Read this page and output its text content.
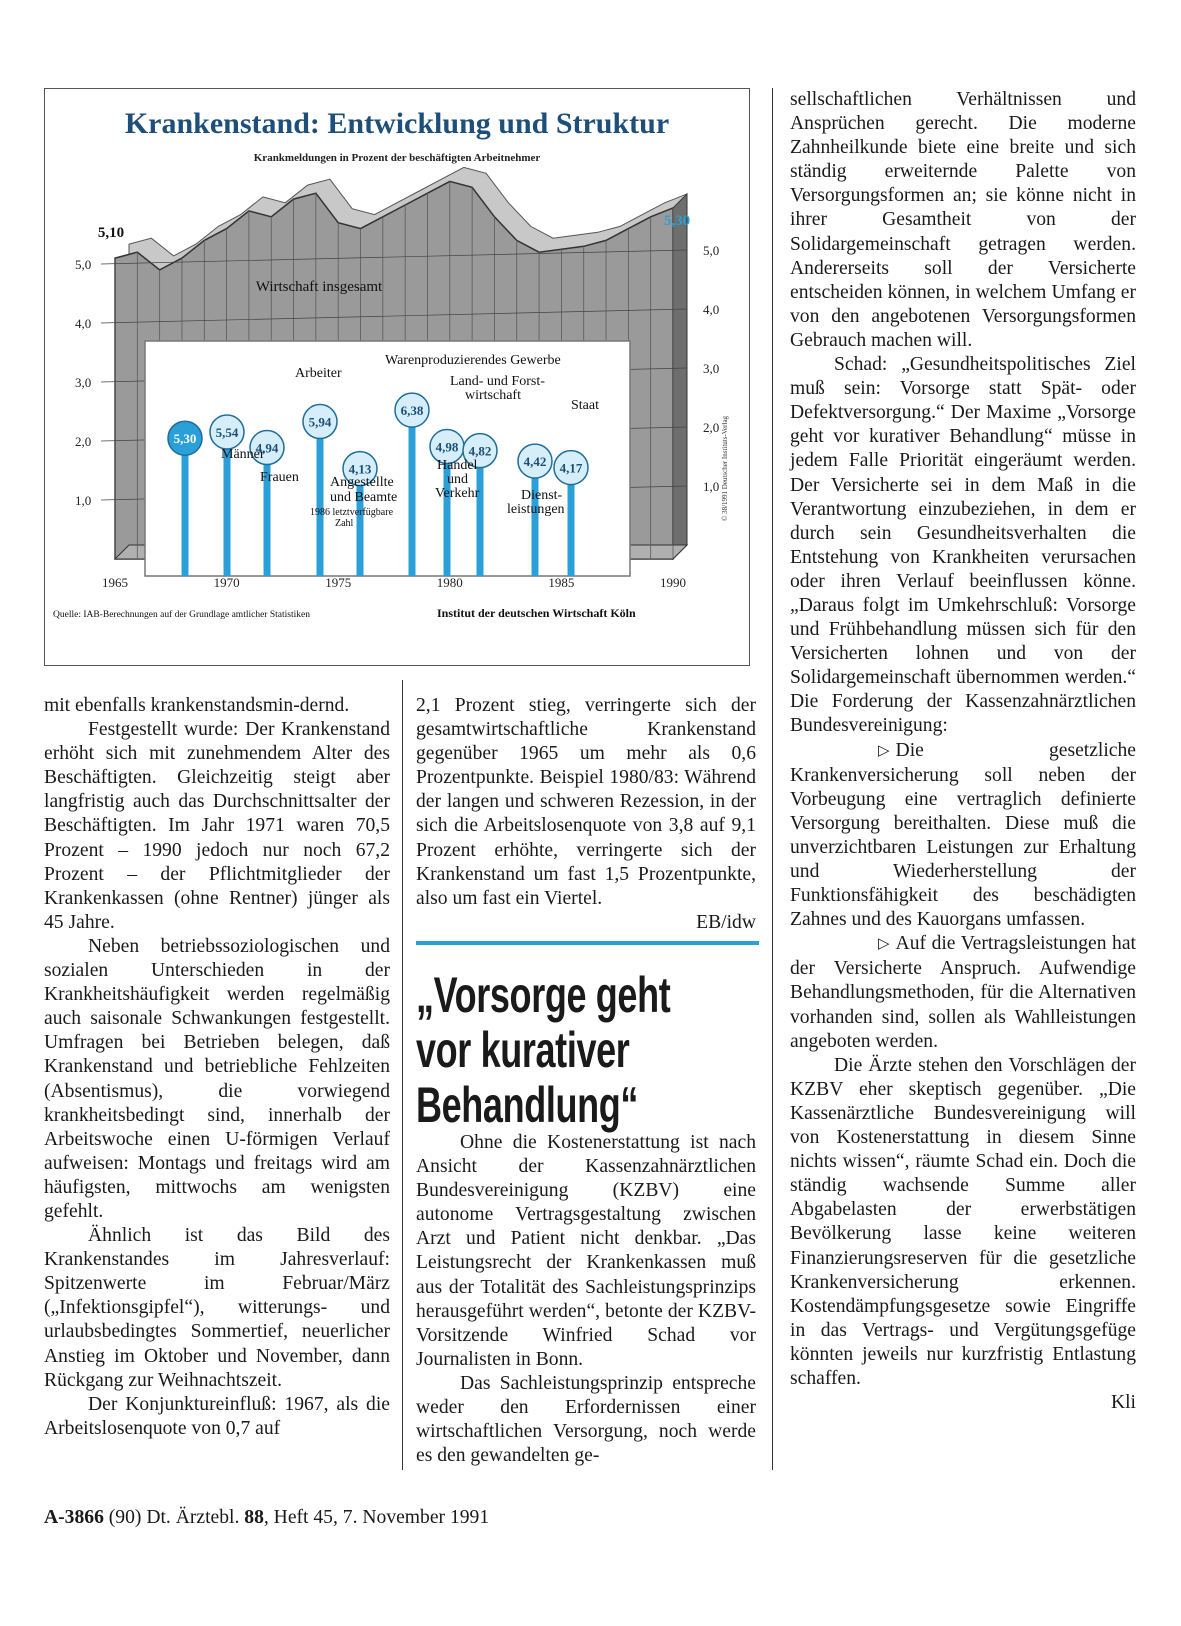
Krankenstand: Entwicklung und Struktur
Krankmeldungen in Prozent der beschäftigten Arbeitnehmer
1,0
1,0
2,0
2,0
3,0
3,0
4,0
4,0
5,0
5,0
Wirtschaft insgesamt
5,10
5,30
5,30 5,54
4,94
5,94
4,13
6,38
4,98 4,82
4,42 4,17
Männer
Frauen
Arbeiter
Angestellte
und Beamte
1986 letztverfügbare
Zahl
Warenproduzierendes Gewerbe
Land- und Forst-
wirtschaft
Staat
Handel
und
Verkehr	Dienst-
leistungen
1965	1970	1975	1980	1985	1990
Quelle: IAB-Berechnungen auf der Grundlage amtlicher Statistiken	Institut der deutschen Wirtschaft Köln
© 38/1991 Deutscher Instituts-Verlag

mit ebenfalls krankenstandsmin-dernd.

Festgestellt wurde: Der Krankenstand erhöht sich mit zunehmendem Alter des Beschäftigten. Gleichzeitig steigt aber langfristig auch das Durchschnittsalter der Beschäftigten. Im Jahr 1971 waren 70,5 Prozent – 1990 jedoch nur noch 67,2 Prozent – der Pflichtmitglieder der Krankenkassen (ohne Rentner) jünger als 45 Jahre.

Neben betriebssoziologischen und sozialen Unterschieden in der Krankheitshäufigkeit werden regelmäßig auch saisonale Schwankungen festgestellt. Umfragen bei Betrieben belegen, daß Krankenstand und betriebliche Fehlzeiten (Absentismus), die vorwiegend krankheitsbedingt sind, innerhalb der Arbeitswoche einen U-förmigen Verlauf aufweisen: Montags und freitags wird am häufigsten, mittwochs am wenigsten gefehlt.

Ähnlich ist das Bild des Krankenstandes im Jahresverlauf: Spitzenwerte im Februar/März („Infektionsgipfel“), witterungs- und urlaubsbedingtes Sommertief, neuerlicher Anstieg im Oktober und November, dann Rückgang zur Weihnachtszeit.

Der Konjunktureinfluß: 1967, als die Arbeitslosenquote von 0,7 auf

2,1 Prozent stieg, verringerte sich der gesamtwirtschaftliche Krankenstand gegenüber 1965 um mehr als 0,6 Prozentpunkte. Beispiel 1980/83: Während der langen und schweren Rezession, in der sich die Arbeitslosenquote von 3,8 auf 9,1 Prozent erhöhte, verringerte sich der Krankenstand um fast 1,5 Prozentpunkte, also um fast ein Viertel.

EB/idw
„Vorsorge geht
vor kurativer
Behandlung“

Ohne die Kostenerstattung ist nach Ansicht der Kassenzahnärztlichen Bundesvereinigung (KZBV) eine autonome Vertragsgestaltung zwischen Arzt und Patient nicht denkbar. „Das Leistungsrecht der Krankenkassen muß aus der Totalität des Sachleistungsprinzips herausgeführt werden“, betonte der KZBV-Vorsitzende Winfried Schad vor Journalisten in Bonn.

Das Sachleistungsprinzip entspreche weder den Erfordernissen einer wirtschaftlichen Versorgung, noch werde es den gewandelten ge-

sellschaftlichen Verhältnissen und Ansprüchen gerecht. Die moderne Zahnheilkunde biete eine breite und sich ständig erweiternde Palette von Versorgungsformen an; sie könne nicht in ihrer Gesamtheit von der Solidargemeinschaft getragen werden. Andererseits soll der Versicherte entscheiden können, in welchem Umfang er von den angebotenen Versorgungsformen Gebrauch machen will.

Schad: „Gesundheitspolitisches Ziel muß sein: Vorsorge statt Spät- oder Defektversorgung.“ Der Maxime „Vorsorge geht vor kurativer Behandlung“ müsse in jedem Falle Priorität eingeräumt werden. Der Versicherte sei in dem Maß in die Verantwortung einzubeziehen, in dem er durch sein Gesundheitsverhalten die Entstehung von Krankheiten verursachen oder ihren Verlauf beeinflussen könne. „Daraus folgt im Umkehrschluß: Vorsorge und Frühbehandlung müssen sich für den Versicherten lohnen und von der Solidargemeinschaft übernommen werden.“ Die Forderung der Kassenzahnärztlichen Bundesvereinigung:

▷ Die gesetzliche Krankenversicherung soll neben der Vorbeugung eine vertraglich definierte Versorgung bereithalten. Diese muß die unverzichtbaren Leistungen zur Erhaltung und Wiederherstellung der Funktionsfähigkeit des beschädigten Zahnes und des Kauorgans umfassen.

▷ Auf die Vertragsleistungen hat der Versicherte Anspruch. Aufwendige Behandlungsmethoden, für die Alternativen vorhanden sind, sollen als Wahlleistungen angeboten werden.

Die Ärzte stehen den Vorschlägen der KZBV eher skeptisch gegenüber. „Die Kassenärztliche Bundesvereinigung will von Kostenerstattung in diesem Sinne nichts wissen“, räumte Schad ein. Doch die ständig wachsende Summe aller Abgabelasten der erwerbstätigen Bevölkerung lasse keine weiteren Finanzierungsreserven für die gesetzliche Krankenversicherung erkennen. Kostendämpfungsgesetze sowie Eingriffe in das Vertrags- und Vergütungsgefüge könnten jeweils nur kurzfristig Entlastung schaffen.

Kli
A-3866 (90) Dt. Ärztebl. 88, Heft 45, 7. November 1991
